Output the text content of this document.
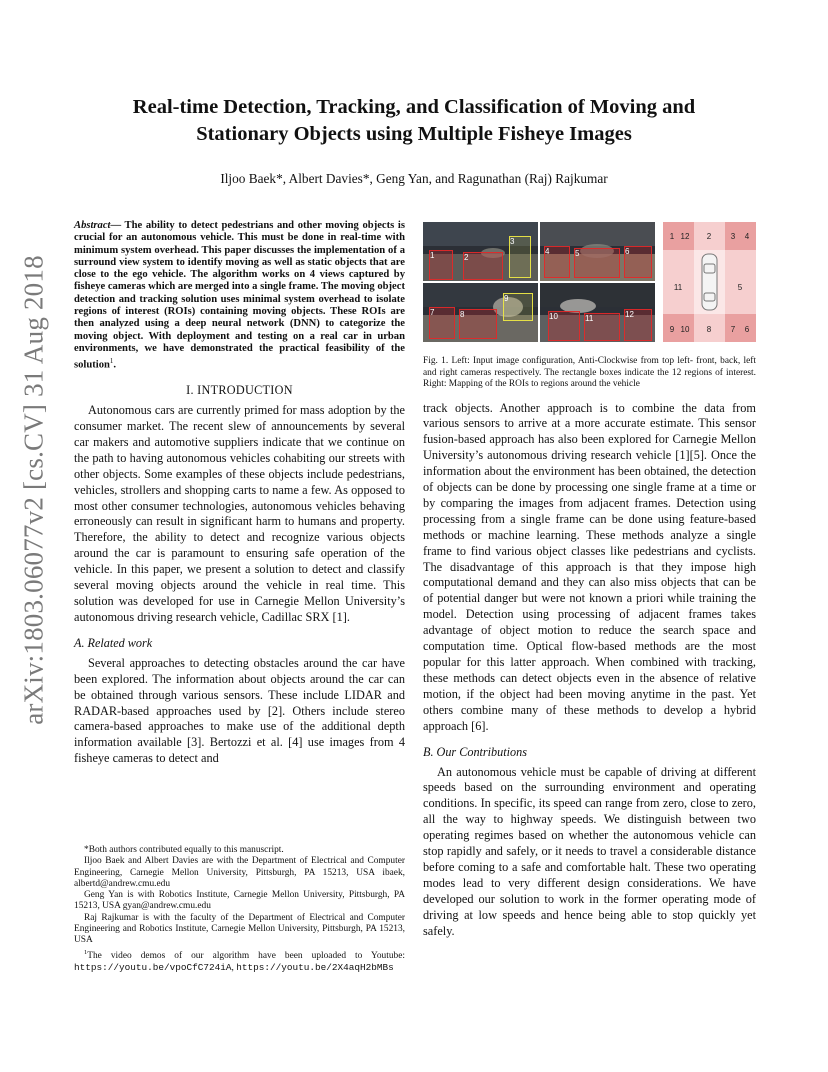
arXiv:1803.06077v2 [cs.CV] 31 Aug 2018
Real-time Detection, Tracking, and Classification of Moving and
Stationary Objects using Multiple Fisheye Images
Iljoo Baek*, Albert Davies*, Geng Yan, and Ragunathan (Raj) Rajkumar

Abstract— The ability to detect pedestrians and other moving objects is crucial for an autonomous vehicle. This must be done in real-time with minimum system overhead. This paper discusses the implementation of a surround view system to identify moving as well as static objects that are close to the ego vehicle. The algorithm works on 4 views captured by fisheye cameras which are merged into a single frame. The moving object detection and tracking solution uses minimal system overhead to isolate regions of interest (ROIs) containing moving objects. These ROIs are then analyzed using a deep neural network (DNN) to categorize the moving object. With deployment and testing on a real car in urban environments, we have demonstrated the practical feasibility of the solution$^1$.

I. INTRODUCTION

Autonomous cars are currently primed for mass adoption by the consumer market. The recent slew of announcements by several car makers and automotive suppliers indicate that we continue on the path to having autonomous vehicles cohabiting our streets with other objects. Some examples of these objects include pedestrians, vehicles, strollers and shopping carts to name a few. As opposed to most other consumer technologies, autonomous vehicles behaving erroneously can result in significant harm to humans and property. Therefore, the ability to detect and recognize various objects around the car is paramount to ensuring safe operation of the vehicle. In this paper, we present a solution to detect and classify several moving objects around the vehicle in real time. This solution was developed for use in Carnegie Mellon University’s autonomous driving research vehicle, Cadillac SRX [1].

A. Related work

Several approaches to detecting obstacles around the car have been explored. The information about objects around the car can be obtained through various sensors. These include LIDAR and RADAR-based approaches used by [2]. Others include stereo camera-based approaches to make use of the additional depth information available [3]. Bertozzi et al. [4] use images from 4 fisheye cameras to detect and

*Both authors contributed equally to this manuscript.

Iljoo Baek and Albert Davies are with the Department of Electrical and Computer Engineering, Carnegie Mellon University, Pittsburgh, PA 15213, USA ibaek, albertd@andrew.cmu.edu

Geng Yan is with Robotics Institute, Carnegie Mellon University, Pittsburgh, PA 15213, USA gyan@andrew.cmu.edu

Raj Rajkumar is with the faculty of the Department of Electrical and Computer Engineering and Robotics Institute, Carnegie Mellon University, Pittsburgh, PA 15213, USA

$^1$The video demos of our algorithm have been uploaded to Youtube: https://youtu.be/vpoCfC724iA, https://youtu.be/2X4aqH2bMBs

1	2
3
4	5	6
7	8
9
10	11	12
1 12 2 3 4
11	5
9 10 8 7 6

Fig. 1. Left: Input image configuration, Anti-Clockwise from top left- front, back, left and right cameras respectively. The rectangle boxes indicate the 12 regions of interest. Right: Mapping of the ROIs to regions around the vehicle

track objects. Another approach is to combine the data from various sensors to arrive at a more accurate estimate. This sensor fusion-based approach has also been explored for Carnegie Mellon University’s autonomous driving research vehicle [1][5]. Once the information about the environment has been obtained, the detection of objects can be done by processing one single frame at a time or by comparing the images from adjacent frames. Detection using processing from a single frame can be done using feature-based methods or machine learning. These methods analyze a single frame to find various object classes like pedestrians and cyclists. The disadvantage of this approach is that they impose high computational demand and they can also miss objects that can be of potential danger but were not known a priori while training the model. Detection using processing of adjacent frames takes advantage of object motion to reduce the search space and computation time. Optical flow-based methods are the most popular for this latter approach. When combined with tracking, these methods can detect objects even in the absence of relative motion, if the object had been moving anytime in the past. Yet others combine many of these methods to develop a hybrid approach [6].

B. Our Contributions

An autonomous vehicle must be capable of driving at different speeds based on the surrounding environment and operating conditions. In specific, its speed can range from zero, close to zero, all the way to highway speeds. We distinguish between two operating regimes based on whether the autonomous vehicle can stop rapidly and safely, or it needs to travel a considerable distance before coming to a safe and comfortable halt. These two operating modes lead to very different design considerations. We have developed our solution to work in the former operating mode of driving at low speeds and hence being able to stop quickly yet safely.
